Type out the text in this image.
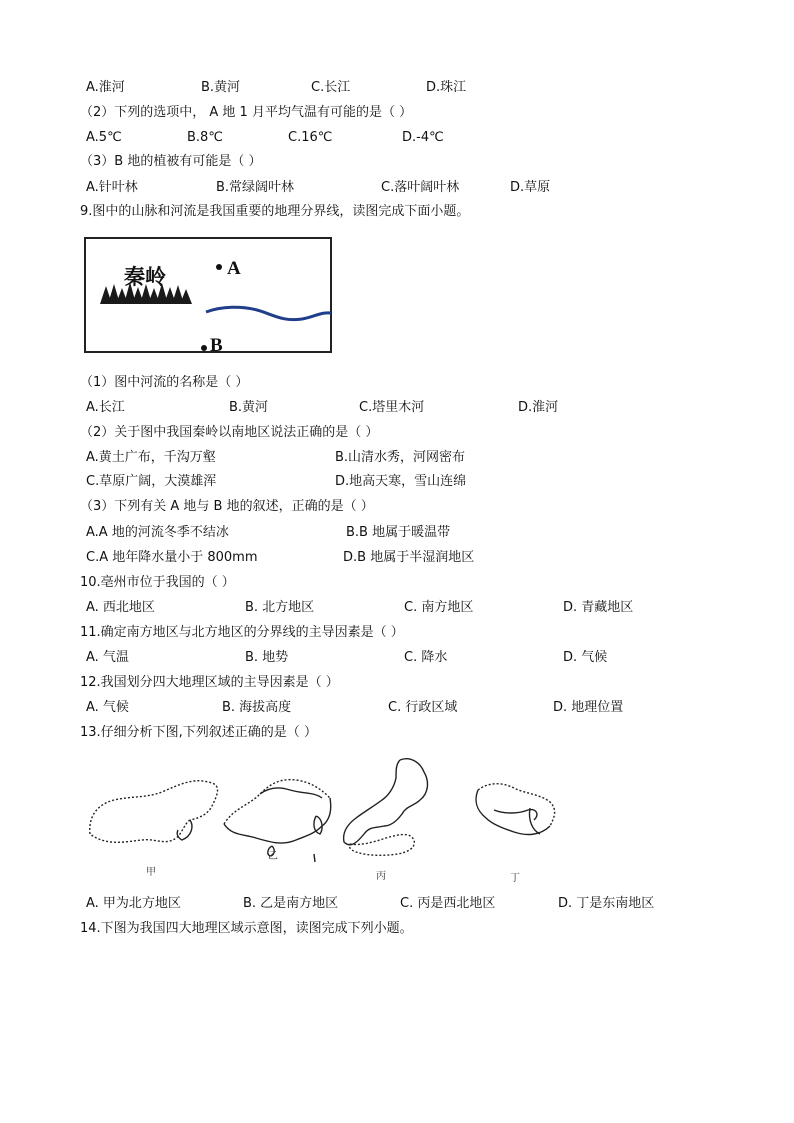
A.淮河	B.黄河	C.长江	D.珠江
（2）下列的选项中， A 地 1 月平均气温有可能的是（ ）
A.5℃	B.8℃	C.16℃	D.-4℃
（3）B 地的植被有可能是（ ）
A.针叶林	B.常绿阔叶林	C.落叶阔叶林	D.草原
9.图中的山脉和河流是我国重要的地理分界线，读图完成下面小题。
秦岭	A
B
（1）图中河流的名称是（ ）
A.长江	B.黄河	C.塔里木河	D.淮河
（2）关于图中我国秦岭以南地区说法正确的是（ ）
A.黄土广布，千沟万壑	B.山清水秀，河网密布
C.草原广阔，大漠雄浑	D.地高天寒，雪山连绵
（3）下列有关 A 地与 B 地的叙述，正确的是（ ）
A.A 地的河流冬季不结冰	B.B 地属于暖温带
C.A 地年降水量小于 800mm	D.B 地属于半湿润地区
10.亳州市位于我国的（ ）
A. 西北地区	B. 北方地区	C. 南方地区	D. 青藏地区
11.确定南方地区与北方地区的分界线的主导因素是（ ）
A. 气温	B. 地势	C. 降水	D. 气候
12.我国划分四大地理区域的主导因素是（ ）
A. 气候	B. 海拔高度	C. 行政区域	D. 地理位置
13.仔细分析下图,下列叙述正确的是（ ）
甲
乙
丙	丁
A. 甲为北方地区	B. 乙是南方地区	C. 丙是西北地区	D. 丁是东南地区
14.下图为我国四大地理区域示意图，读图完成下列小题。
